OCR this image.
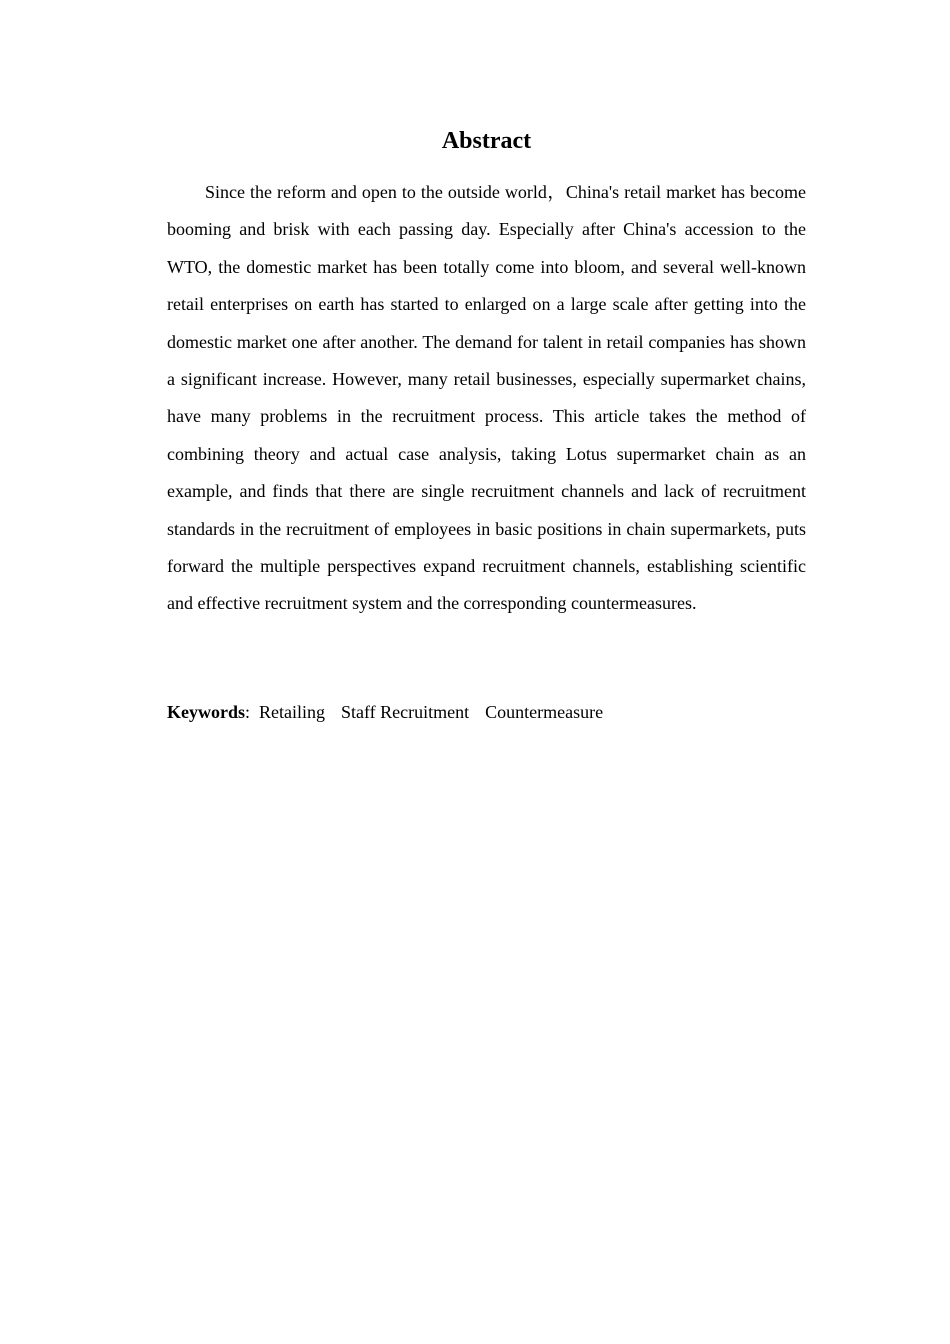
Abstract

Since the reform and open to the outside world，China's retail market has become booming and brisk with each passing day. Especially after China's accession to the WTO, the domestic market has been totally come into bloom, and several well-known retail enterprises on earth has started to enlarged on a large scale after getting into the domestic market one after another. The demand for talent in retail companies has shown a significant increase. However, many retail businesses, especially supermarket chains, have many problems in the recruitment process. This article takes the method of combining theory and actual case analysis, taking Lotus supermarket chain as an example, and finds that there are single recruitment channels and lack of recruitment standards in the recruitment of employees in basic positions in chain supermarkets, puts forward the multiple perspectives expand recruitment channels, establishing scientific and effective recruitment system and the corresponding countermeasures.

Keywords: Retailing Staff Recruitment Countermeasure
